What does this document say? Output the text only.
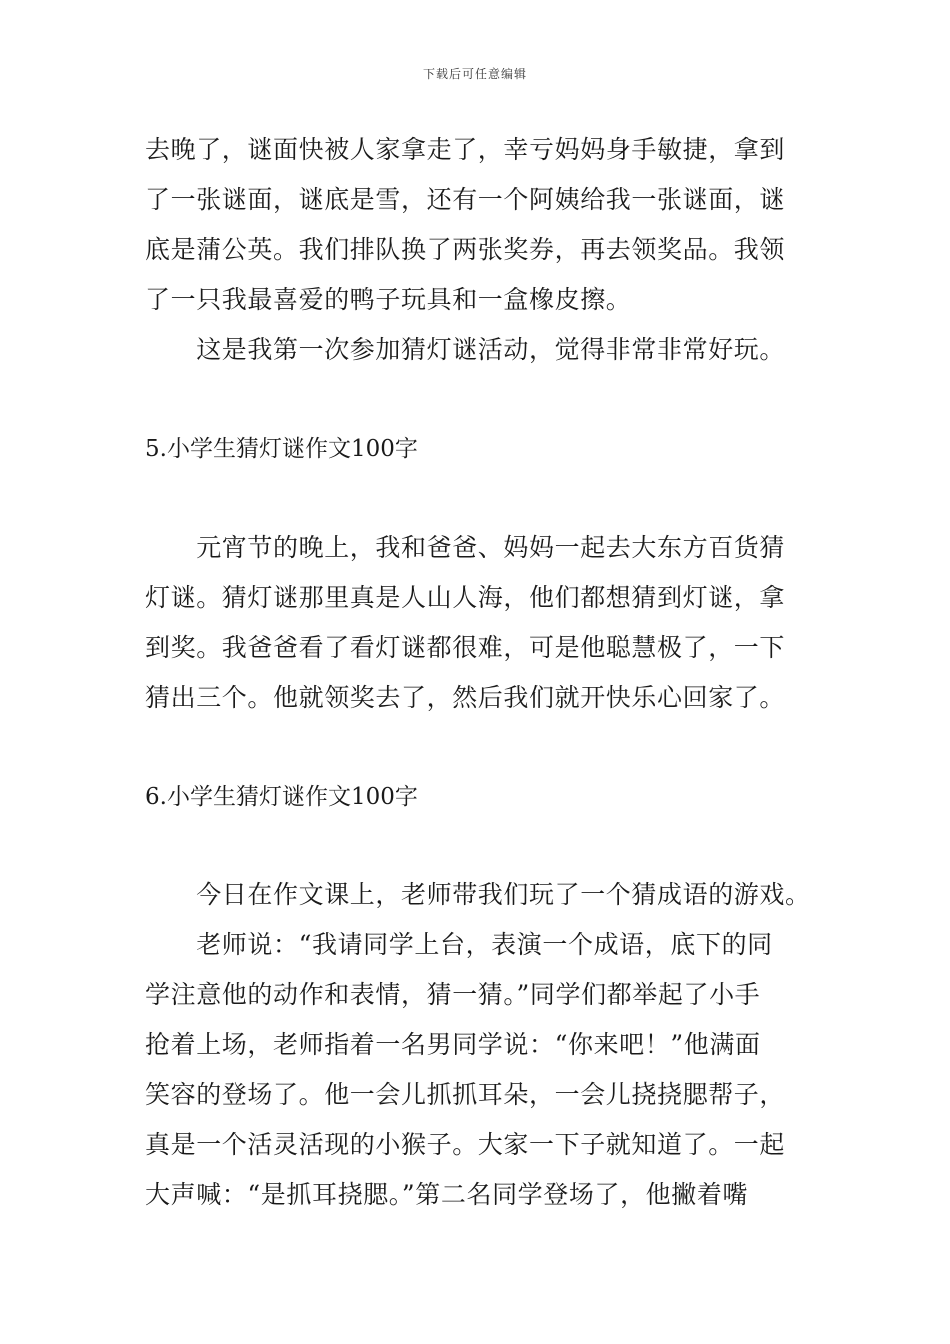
下载后可任意编辑
去晚了，谜面快被人家拿走了，幸亏妈妈身手敏捷，拿到
了一张谜面，谜底是雪，还有一个阿姨给我一张谜面，谜
底是蒲公英。我们排队换了两张奖券，再去领奖品。我领
了一只我最喜爱的鸭子玩具和一盒橡皮擦。
　　这是我第一次参加猜灯谜活动，觉得非常非常好玩。
5.小学生猜灯谜作文100字
　　元宵节的晚上，我和爸爸、妈妈一起去大东方百货猜
灯谜。猜灯谜那里真是人山人海，他们都想猜到灯谜，拿
到奖。我爸爸看了看灯谜都很难，可是他聪慧极了，一下
猜出三个。他就领奖去了，然后我们就开快乐心回家了。
6.小学生猜灯谜作文100字
　　今日在作文课上，老师带我们玩了一个猜成语的游戏。
　　老师说：“我请同学上台，表演一个成语，底下的同
学注意他的动作和表情，猜一猜。”同学们都举起了小手
抢着上场，老师指着一名男同学说：“你来吧！”他满面
笑容的登场了。他一会儿抓抓耳朵，一会儿挠挠腮帮子，
真是一个活灵活现的小猴子。大家一下子就知道了。一起
大声喊：“是抓耳挠腮。”第二名同学登场了，他撇着嘴
